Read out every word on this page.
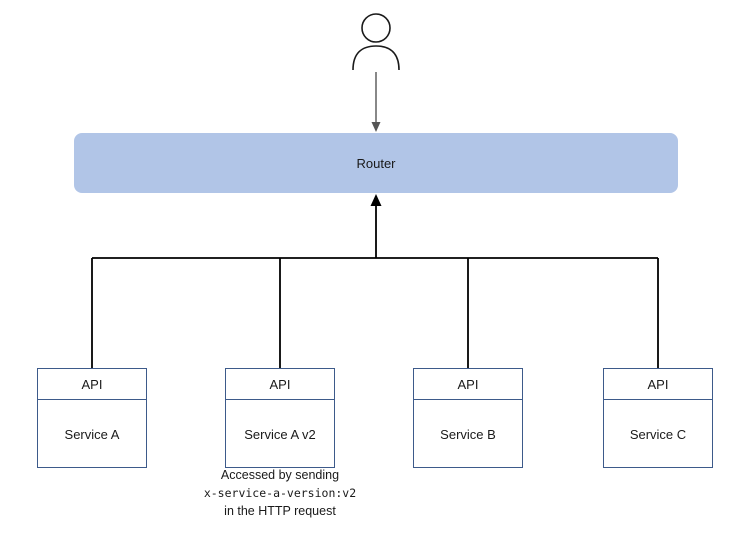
Router
API
Service A
API
Service A v2
API
Service B
API
Service C
Accessed by sending
x-service-a-version:v2
in the HTTP request
